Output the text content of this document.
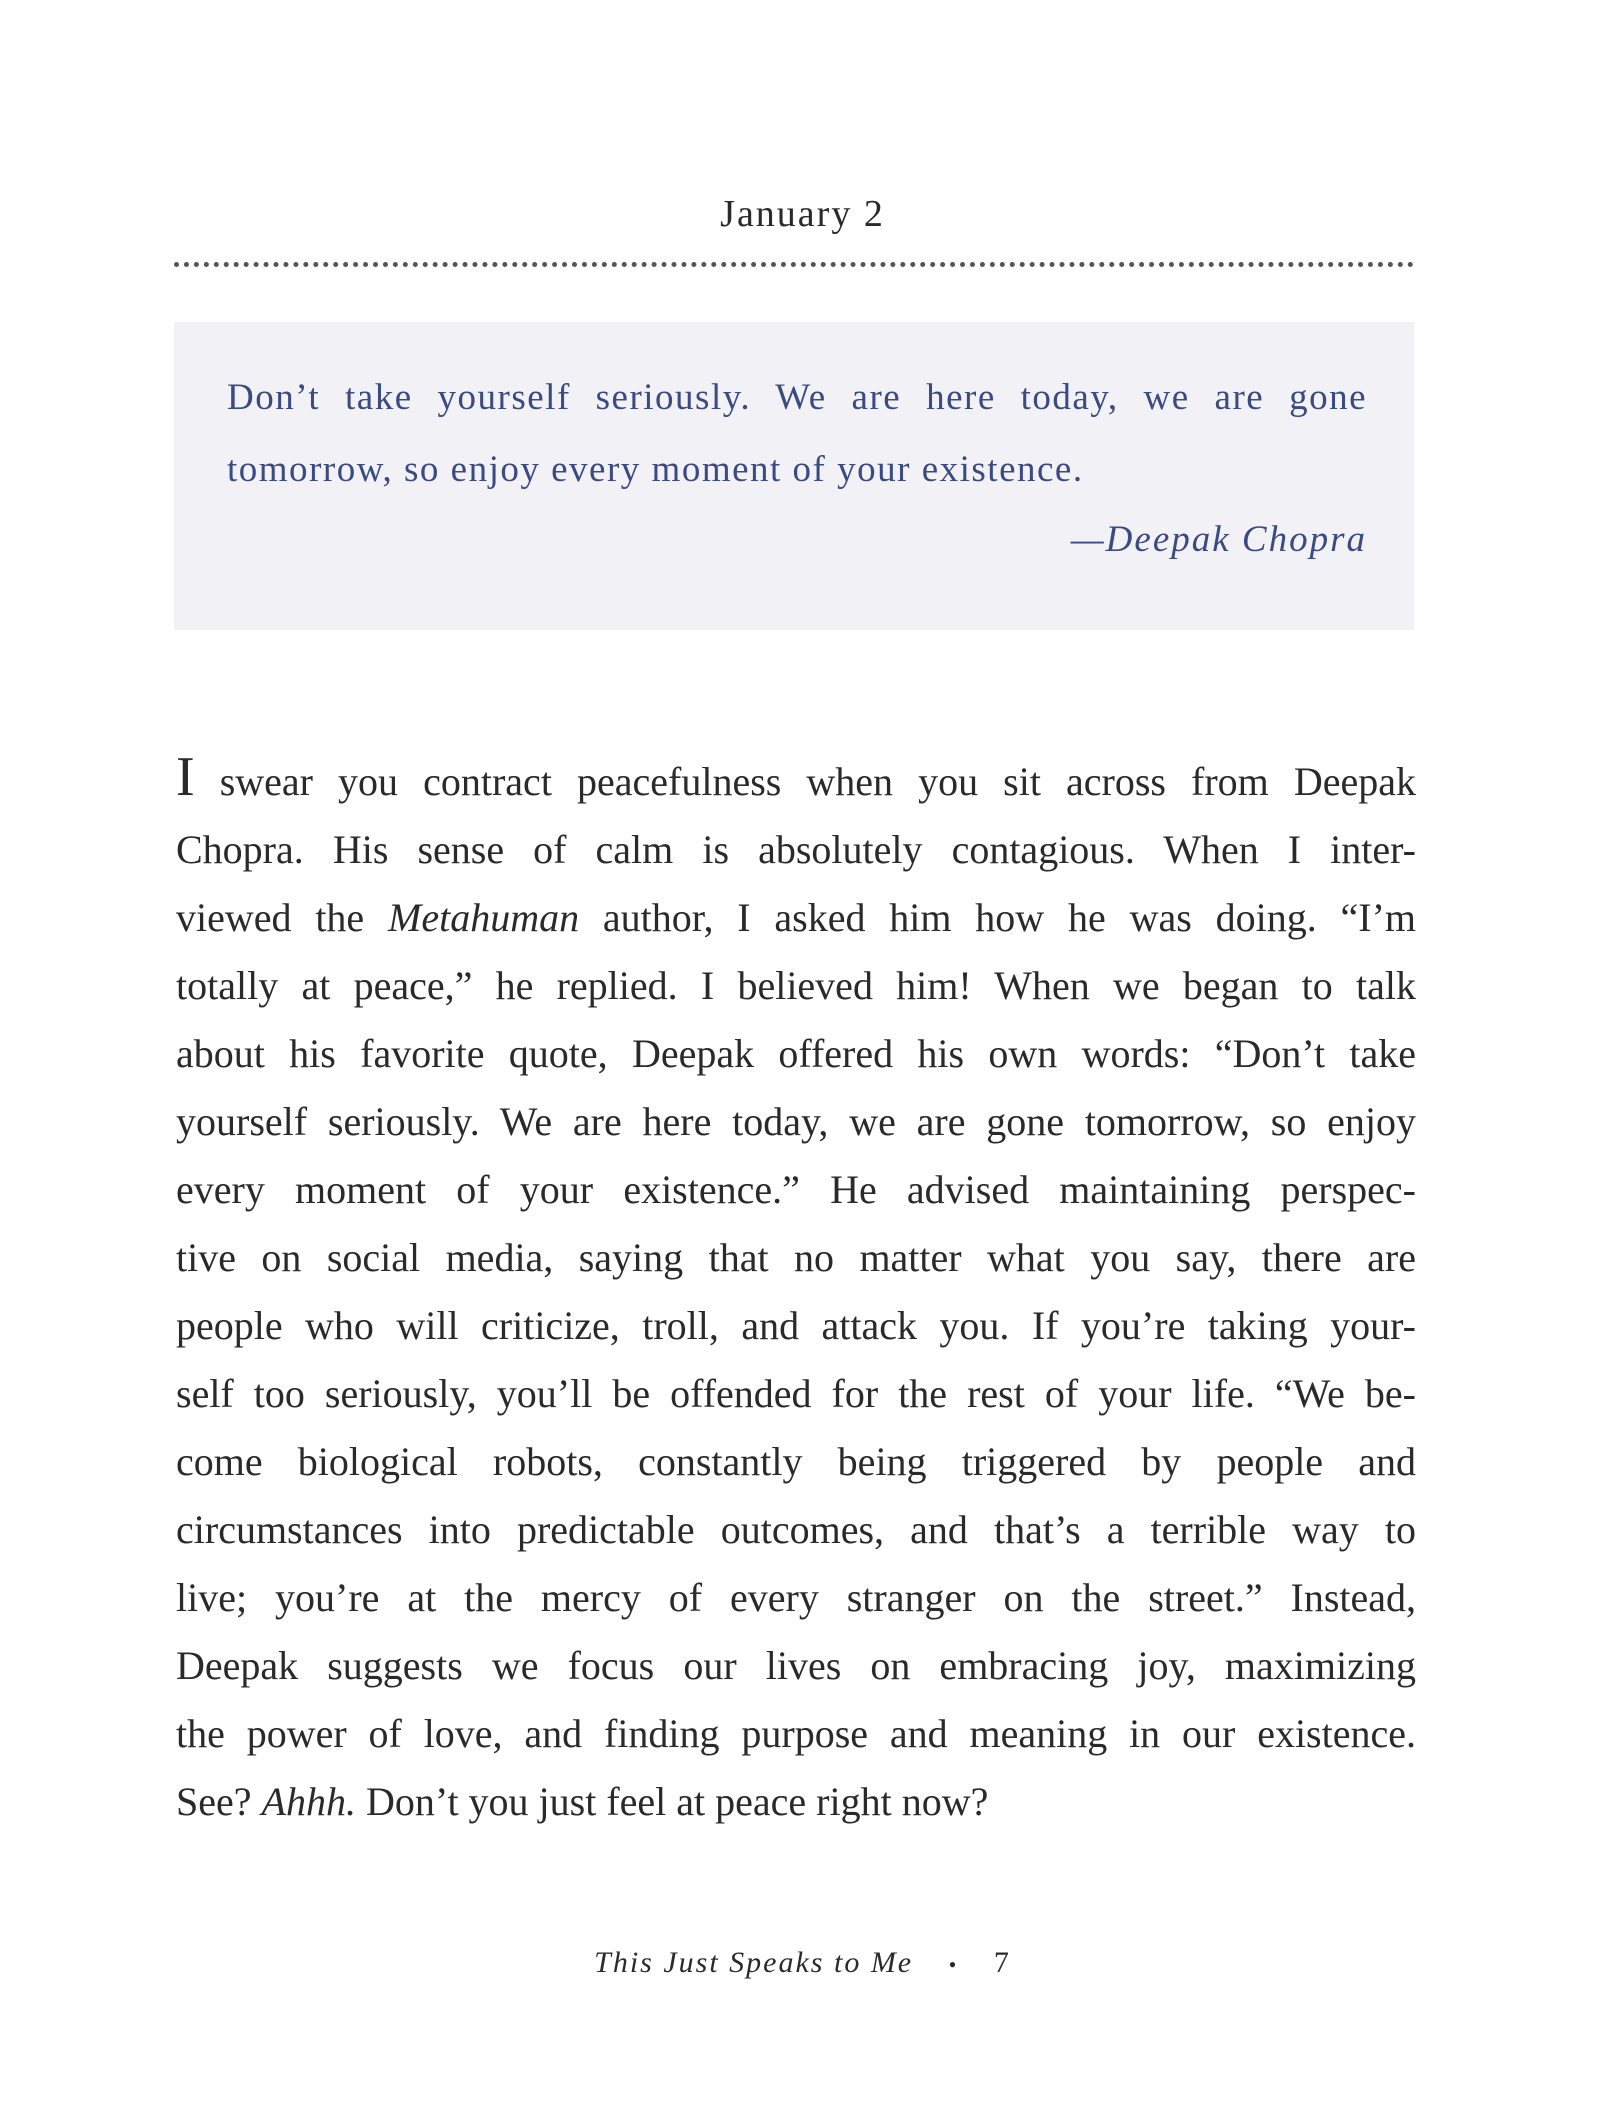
January 2
Don’t take yourself seriously. We are here today, we are gone tomorrow, so enjoy every moment of your existence.
—Deepak Chopra
I swear you contract peacefulness when you sit across from Deepak
Chopra. His sense of calm is absolutely contagious. When I inter-
viewed the Metahuman author, I asked him how he was doing. “I’m
totally at peace,” he replied. I believed him! When we began to talk
about his favorite quote, Deepak offered his own words: “Don’t take
yourself seriously. We are here today, we are gone tomorrow, so enjoy
every moment of your existence.” He advised maintaining perspec-
tive on social media, saying that no matter what you say, there are
people who will criticize, troll, and attack you. If you’re taking your-
self too seriously, you’ll be offended for the rest of your life. “We be-
come biological robots, constantly being triggered by people and
circumstances into predictable outcomes, and that’s a terrible way to
live; you’re at the mercy of every stranger on the street.” Instead,
Deepak suggests we focus our lives on embracing joy, maximizing
the power of love, and finding purpose and meaning in our existence.
See? Ahhh. Don’t you just feel at peace right now?
This Just Speaks to Me • 7
